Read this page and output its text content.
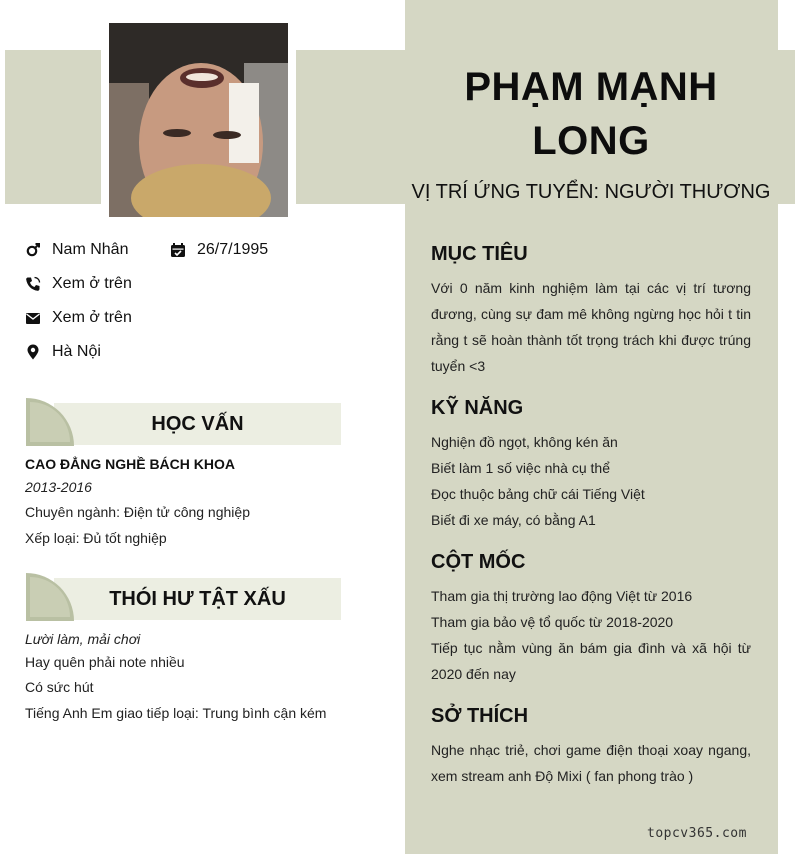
PHẠM MẠNH LONG
VỊ TRÍ ỨNG TUYỂN: NGƯỜI THƯƠNG
Nam Nhân	26/7/1995
Xem ở trên
Xem ở trên
Hà Nội
HỌC VẤN
CAO ĐẲNG NGHỀ BÁCH KHOA
2013-2016
Chuyên ngành: Điện tử công nghiệp
Xếp loại: Đủ tốt nghiệp
THÓI HƯ TẬT XẤU
Lười làm, mải chơi
Hay quên phải note nhiều
Có sức hút
Tiếng Anh Em giao tiếp loại: Trung bình cận kém
MỤC TIÊU
Với 0 năm kinh nghiệm làm tại các vị trí tương đương, cùng sự đam mê không ngừng học hỏi t tin rằng t sẽ hoàn thành tốt trọng trách khi được trúng tuyển <3
KỸ NĂNG
Nghiện đồ ngọt, không kén ăn
Biết làm 1 số việc nhà cụ thể
Đọc thuộc bảng chữ cái Tiếng Việt
Biết đi xe máy, có bằng A1
CỘT MỐC
Tham gia thị trường lao động Việt từ 2016
Tham gia bảo vệ tổ quốc từ 2018-2020
Tiếp tục nằm vùng ăn bám gia đình và xã hội từ 2020 đến nay
SỞ THÍCH
Nghe nhạc triẻ, chơi game điện thoại xoay ngang, xem stream anh Độ Mixi ( fan phong trào )
topcv365.com
